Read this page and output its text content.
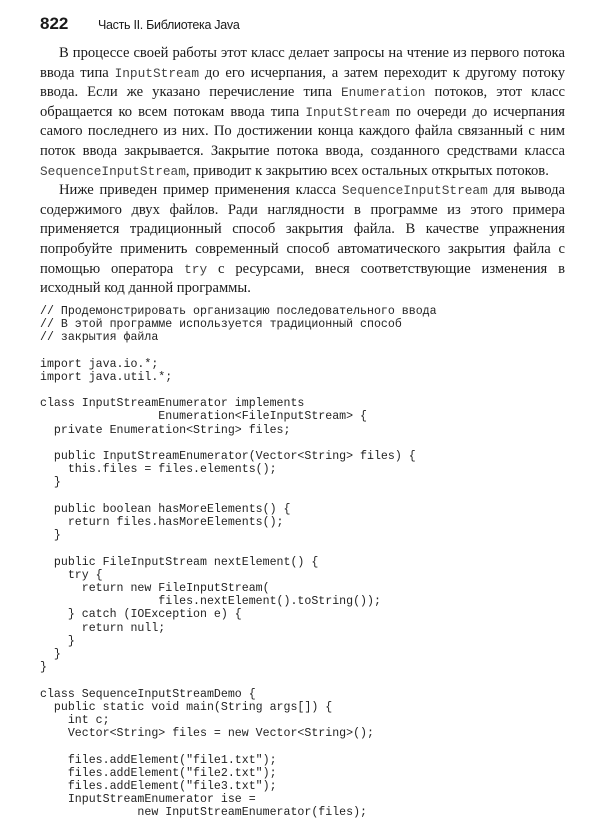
822	Часть II. Библиотека Java

В процессе своей работы этот класс делает запросы на чтение из первого потока ввода типа InputStream до его исчерпания, а затем переходит к другому потоку ввода. Если же указано перечисление типа Enumeration потоков, этот класс обращается ко всем потокам ввода типа InputStream по очереди до исчерпания самого последнего из них. По достижении конца каждого файла связанный с ним поток ввода закрывается. Закрытие потока ввода, созданного средствами класса SequenceInputStream, приводит к закрытию всех остальных открытых потоков.

Ниже приведен пример применения класса SequenceInputStream для вывода содержимого двух файлов. Ради наглядности в программе из этого примера применяется традиционный способ закрытия файла. В качестве упражнения попробуйте применить современный способ автоматического закрытия файла с помощью оператора try с ресурсами, внеся соответствующие изменения в исходный код данной программы.

// Продемонстрировать организацию последовательного ввода
// В этой программе используется традиционный способ
// закрытия файла
import java.io.*;
import java.util.*;
class InputStreamEnumerator implements
Enumeration<FileInputStream> {
private Enumeration<String> files;
public InputStreamEnumerator(Vector<String> files) {
this.files = files.elements();
}
public boolean hasMoreElements() {
return files.hasMoreElements();
}
public FileInputStream nextElement() {
try {
return new FileInputStream(
files.nextElement().toString());
} catch (IOException e) {
return null;
}
}
}
class SequenceInputStreamDemo {
public static void main(String args[]) {
int c;
Vector<String> files = new Vector<String>();
files.addElement("file1.txt");
files.addElement("file2.txt");
files.addElement("file3.txt");
InputStreamEnumerator ise =
new InputStreamEnumerator(files);
